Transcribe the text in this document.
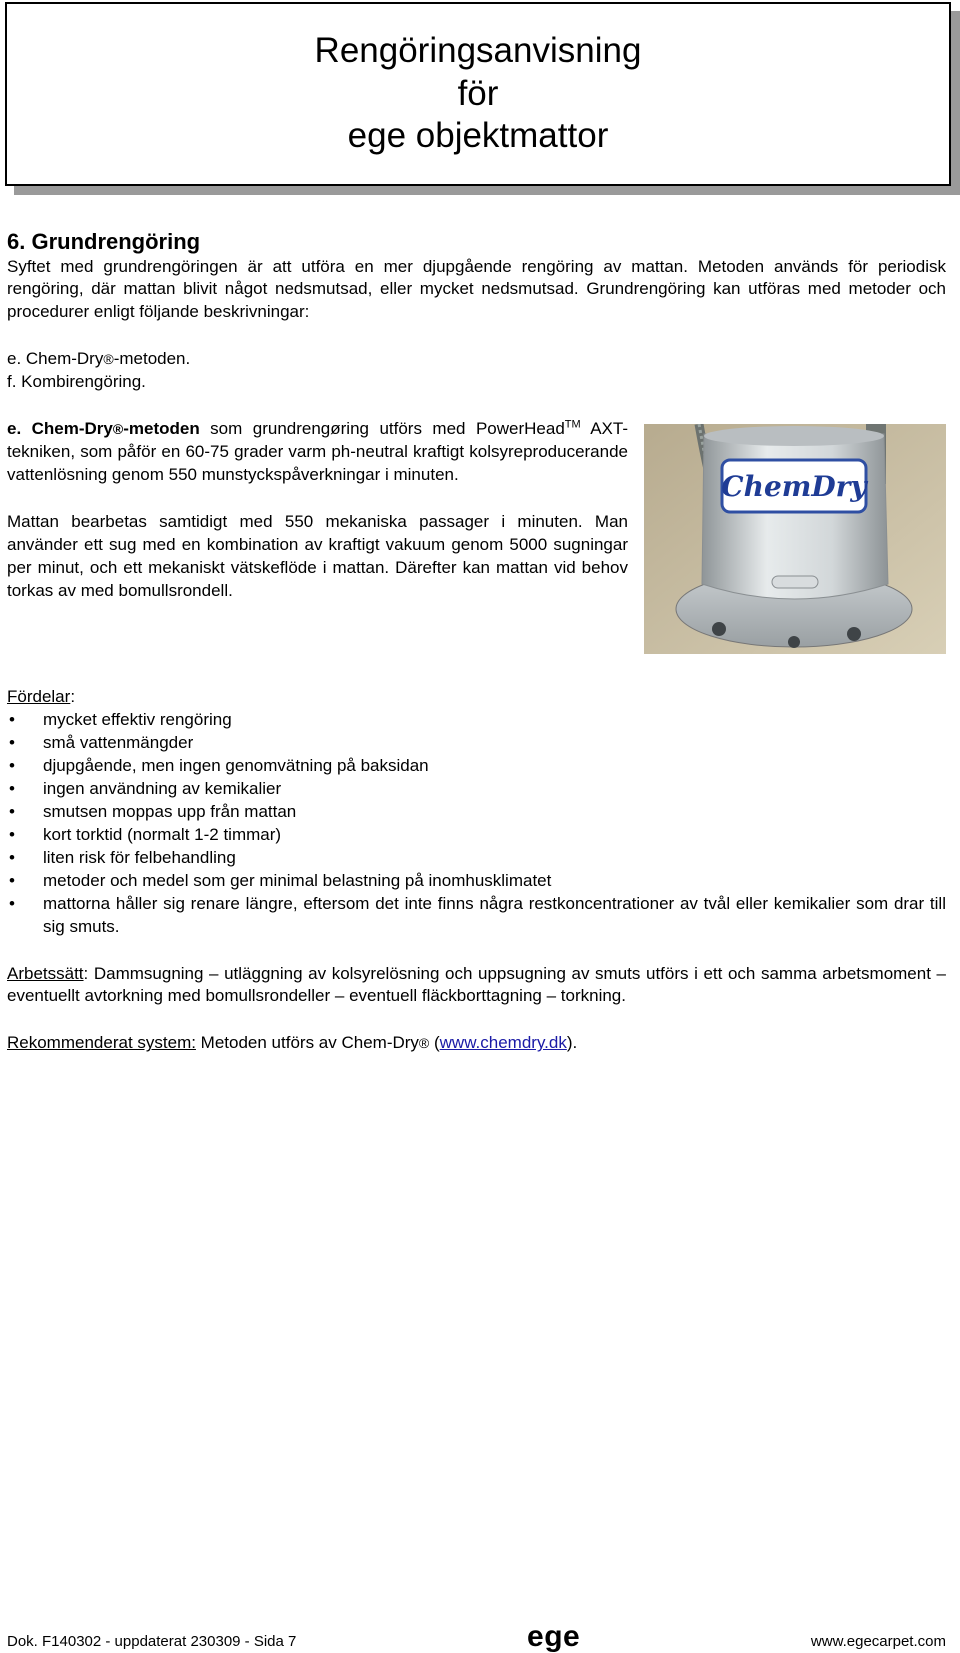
Rengöringsanvisning
för
ege objektmattor
6. Grundrengöring

Syftet med grundrengöringen är att utföra en mer djupgående rengöring av mattan. Metoden används för periodisk rengöring, där mattan blivit något nedsmutsad, eller mycket nedsmutsad. Grundrengöring kan utföras med metoder och procedurer enligt följande beskrivningar:

e. Chem-Dry®-metoden.
f. Kombirengöring.
ChemDry

e. Chem-Dry®-metoden som grundrengøring utförs med PowerHead™ AXT-tekniken, som påför en 60-75 grader varm ph-neutral kraftigt kolsyreproducerande vattenlösning genom 550 munstyckspåverkningar i minuten.

Mattan bearbetas samtidigt med 550 mekaniska passager i minuten. Man använder ett sug med en kombination av kraftigt vakuum genom 5000 sugningar per minut, och ett mekaniskt vätskeflöde i mattan. Därefter kan mattan vid behov torkas av med bomullsrondell.

Fördelar:
• mycket effektiv rengöring
• små vattenmängder
• djupgående, men ingen genomvätning på baksidan
• ingen användning av kemikalier
• smutsen moppas upp från mattan
• kort torktid (normalt 1-2 timmar)
• liten risk för felbehandling
• metoder och medel som ger minimal belastning på inomhusklimatet
• mattorna håller sig renare längre, eftersom det inte finns några restkoncentrationer av tvål eller kemikalier som drar till sig smuts.

Arbetssätt: Dammsugning – utläggning av kolsyrelösning och uppsugning av smuts utförs i ett och samma arbetsmoment – eventuellt avtorkning med bomullsrondeller – eventuell fläckborttagning – torkning.

Rekommenderat system: Metoden utförs av Chem-Dry® (www.chemdry.dk).

Dok. F140302 - uppdaterat 230309 - Sida 7	ege	www.egecarpet.com
